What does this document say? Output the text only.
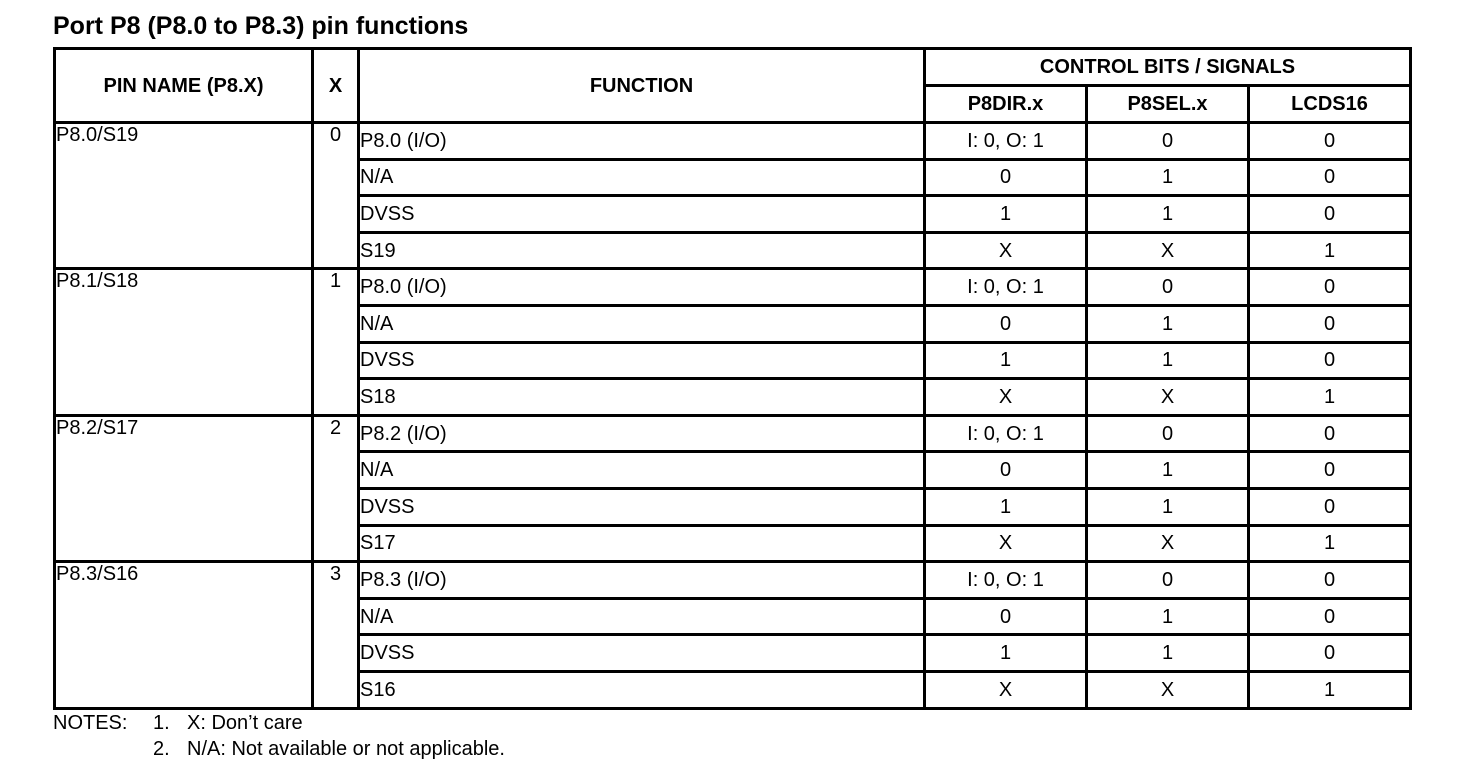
Port P8 (P8.0 to P8.3) pin functions
PIN NAME (P8.X)	X	FUNCTION	CONTROL BITS / SIGNALS		
			P8DIR.x	P8SEL.x	LCDS16
P8.0/S19	0	P8.0 (I/O)	I: 0, O: 1	0	0
		N/A	0	1	0
		DVSS	1	1	0
		S19	X	X	1
P8.1/S18	1	P8.0 (I/O)	I: 0, O: 1	0	0
		N/A	0	1	0
		DVSS	1	1	0
		S18	X	X	1
P8.2/S17	2	P8.2 (I/O)	I: 0, O: 1	0	0
		N/A	0	1	0
		DVSS	1	1	0
		S17	X	X	1
P8.3/S16	3	P8.3 (I/O)	I: 0, O: 1	0	0
		N/A	0	1	0
		DVSS	1	1	0
		S16	X	X	1
NOTES: 1. X: Don’t care
2. N/A: Not available or not applicable.
